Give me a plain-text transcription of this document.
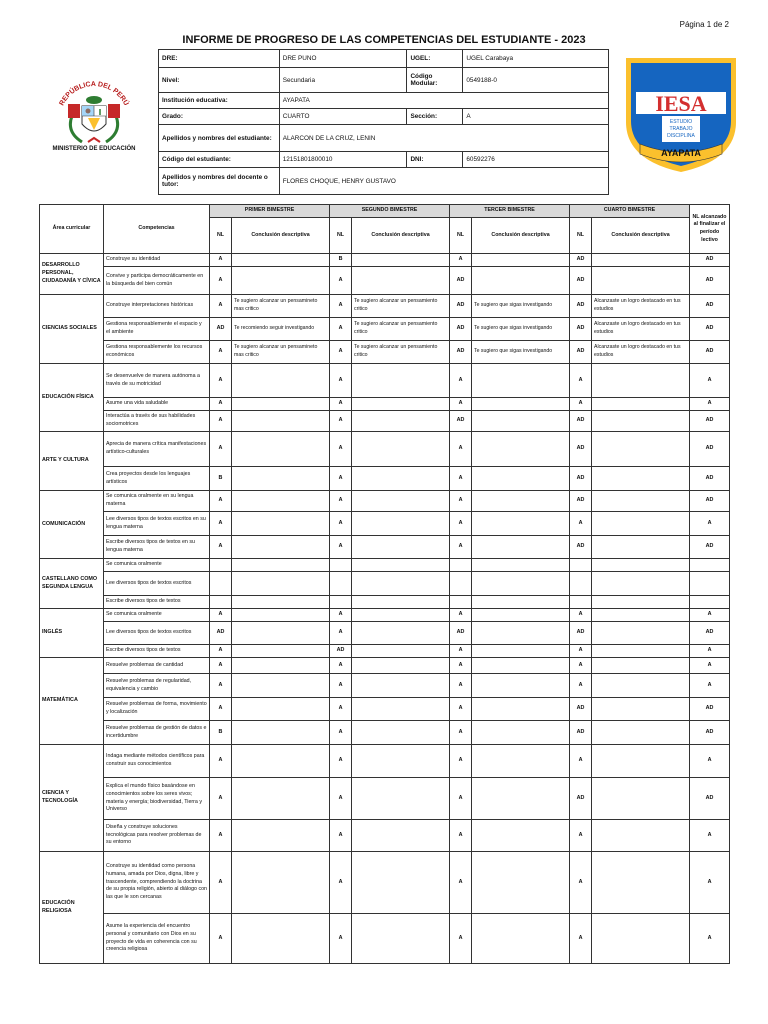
Página 1 de 2
INFORME DE PROGRESO DE LAS COMPETENCIAS DEL ESTUDIANTE - 2023
REPÚBLICA DEL PERÚ
MINISTERIO DE EDUCACIÓN
DRE:	DRE PUNO	UGEL:	UGEL Carabaya
Nivel:	Secundaria	Código Modular:	0549188-0
Institución educativa:	AYAPATA		
Grado:	CUARTO	Sección:	A
Apellidos y nombres del estudiante:	ALARCON DE LA CRUZ, LENIN		
Código del estudiante:	12151801800010	DNI:	60592276
Apellidos y nombres del docente o tutor:	FLORES CHOQUE, HENRY GUSTAVO		
IESA
ESTUDIO
TRABAJO
DISCIPLINA
AYAPATA
Área curricular	Competencias	PRIMER BIMESTRE		SEGUNDO BIMESTRE		TERCER BIMESTRE		CUARTO BIMESTRE		NL alcanzado al finalizar el período lectivo
		NL	Conclusión descriptiva	NL	Conclusión descriptiva	NL	Conclusión descriptiva	NL	Conclusión descriptiva	
DESARROLLO PERSONAL, CIUDADANÍA Y CÍVICA	Construye su identidad	A		B		A		AD		AD
	Convive y participa democráticamente en la búsqueda del bien común	A		A		AD		AD		AD
CIENCIAS SOCIALES	Construye interpretaciones históricas	A	Te sugiero alcanzar un pensamineto mas critico	A	Te sugiero alcanzar un pensamiento critico	AD	Te sugiero que sigas investigando	AD	Alcanzaste un logro destacado en tus estudios	AD
	Gestiona responsablemente el espacio y el ambiente	AD	Te recomiendo seguir investigando	A	Te sugiero alcanzar un pensamiento critico	AD	Te sugiero que sigas investigando	AD	Alcanzaste un logro destacado en tus estudios	AD
	Gestiona responsablemente los recursos económicos	A	Te sugiero alcanzar un pensamineto mas critico	A	Te sugiero alcanzar un pensamiento critico	AD	Te sugiero que sigas investigando	AD	Alcanzaste un logro destacado en tus estudios	AD
EDUCACIÓN FÍSICA	Se desenvuelve de manera autónoma a través de su motricidad	A		A		A		A		A
	Asume una vida saludable	A		A		A		A		A
	Interactúa a través de sus habilidades sociomotrices	A		A		AD		AD		AD
ARTE Y CULTURA	Aprecia de manera crítica manifestaciones artístico-culturales	A		A		A		AD		AD
	Crea proyectos desde los lenguajes artísticos	B		A		A		AD		AD
COMUNICACIÓN	Se comunica oralmente en su lengua materna	A		A		A		AD		AD
	Lee diversos tipos de textos escritos en su lengua materna	A		A		A		A		A
	Escribe diversos tipos de textos en su lengua materna	A		A		A		AD		AD
CASTELLANO COMO SEGUNDA LENGUA	Se comunica oralmente									
	Lee diversos tipos de textos escritos									
	Escribe diversos tipos de textos									
INGLÉS	Se comunica oralmente	A		A		A		A		A
	Lee diversos tipos de textos escritos	AD		A		AD		AD		AD
	Escribe diversos tipos de textos	A		AD		A		A		A
MATEMÁTICA	Resuelve problemas de cantidad	A		A		A		A		A
	Resuelve problemas de regularidad, equivalencia y cambio	A		A		A		A		A
	Resuelve problemas de forma, movimiento y localización	A		A		A		AD		AD
	Resuelve problemas de gestión de datos e incertidumbre	B		A		A		AD		AD
CIENCIA Y TECNOLOGÍA	Indaga mediante métodos científicos para construir sus conocimientos	A		A		A		A		A
	Explica el mundo físico basándose en conocimientos sobre los seres vivos; materia y energía; biodiversidad, Tierra y Universo	A		A		A		AD		AD
	Diseña y construye soluciones tecnológicas para resolver problemas de su entorno	A		A		A		A		A
EDUCACIÓN RELIGIOSA	Construye su identidad como persona humana, amada por Dios, digna, libre y trascendente, comprendiendo la doctrina de su propia religión, abierto al diálogo con las que le son cercanas	A		A		A		A		A
	Asume la experiencia del encuentro personal y comunitario con Dios en su proyecto de vida en coherencia con su creencia religiosa	A		A		A		A		A
